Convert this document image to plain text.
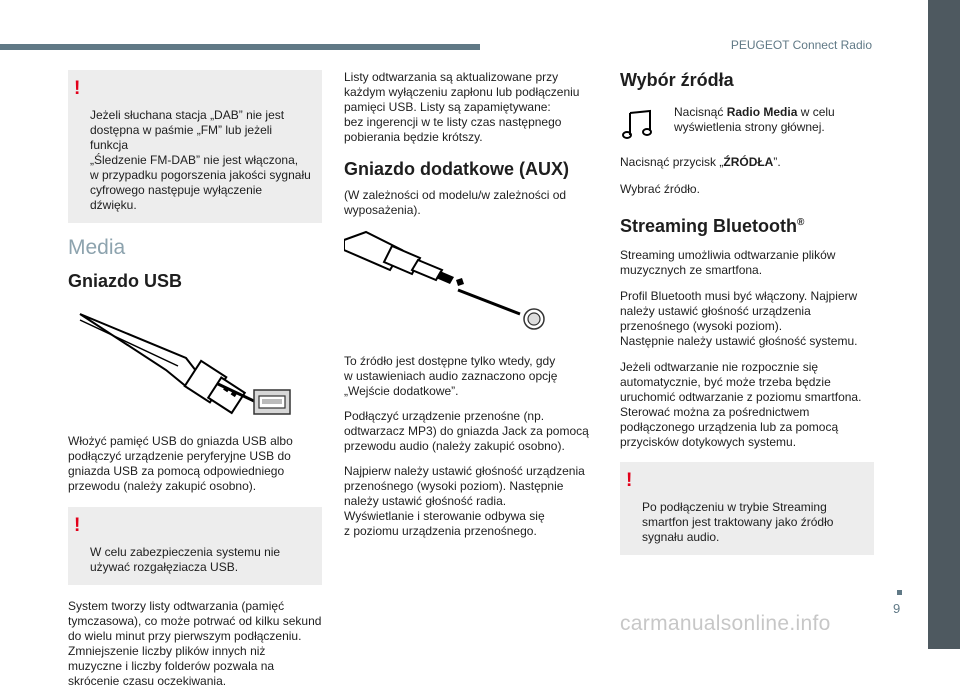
PEUGEOT Connect Radio
9
carmanualsonline.info

!

Jeżeli słuchana stacja „DAB” nie jest
dostępna w paśmie „FM” lub jeżeli funkcja
„Śledzenie FM-DAB” nie jest włączona,
w przypadku pogorszenia jakości sygnału
cyfrowego następuje wyłączenie dźwięku.

Media
Gniazdo USB

Włożyć pamięć USB do gniazda USB albo
podłączyć urządzenie peryferyjne USB do
gniazda USB za pomocą odpowiedniego
przewodu (należy zakupić osobno).

!

W celu zabezpieczenia systemu nie
używać rozgałęziacza USB.

System tworzy listy odtwarzania (pamięć
tymczasowa), co może potrwać od kilku sekund
do wielu minut przy pierwszym podłączeniu.
Zmniejszenie liczby plików innych niż
muzyczne i liczby folderów pozwala na
skrócenie czasu oczekiwania.

Listy odtwarzania są aktualizowane przy
każdym wyłączeniu zapłonu lub podłączeniu
pamięci USB. Listy są zapamiętywane:
bez ingerencji w te listy czas następnego
pobierania będzie krótszy.

Gniazdo dodatkowe (AUX)

(W zależności od modelu/w zależności od
wyposażenia).

To źródło jest dostępne tylko wtedy, gdy
w ustawieniach audio zaznaczono opcję
„Wejście dodatkowe”.

Podłączyć urządzenie przenośne (np.
odtwarzacz MP3) do gniazda Jack za pomocą
przewodu audio (należy zakupić osobno).

Najpierw należy ustawić głośność urządzenia
przenośnego (wysoki poziom). Następnie
należy ustawić głośność radia.
Wyświetlanie i sterowanie odbywa się
z poziomu urządzenia przenośnego.

Wybór źródła
Nacisnąć Radio Media w celu
wyświetlenia strony głównej.

Nacisnąć przycisk „ŹRÓDŁA”.

Wybrać źródło.

Streaming Bluetooth®

Streaming umożliwia odtwarzanie plików
muzycznych ze smartfona.

Profil Bluetooth musi być włączony. Najpierw
należy ustawić głośność urządzenia
przenośnego (wysoki poziom).
Następnie należy ustawić głośność systemu.

Jeżeli odtwarzanie nie rozpocznie się
automatycznie, być może trzeba będzie
uruchomić odtwarzanie z poziomu smartfona.
Sterować można za pośrednictwem
podłączonego urządzenia lub za pomocą
przycisków dotykowych systemu.

!

Po podłączeniu w trybie Streaming
smartfon jest traktowany jako źródło
sygnału audio.
